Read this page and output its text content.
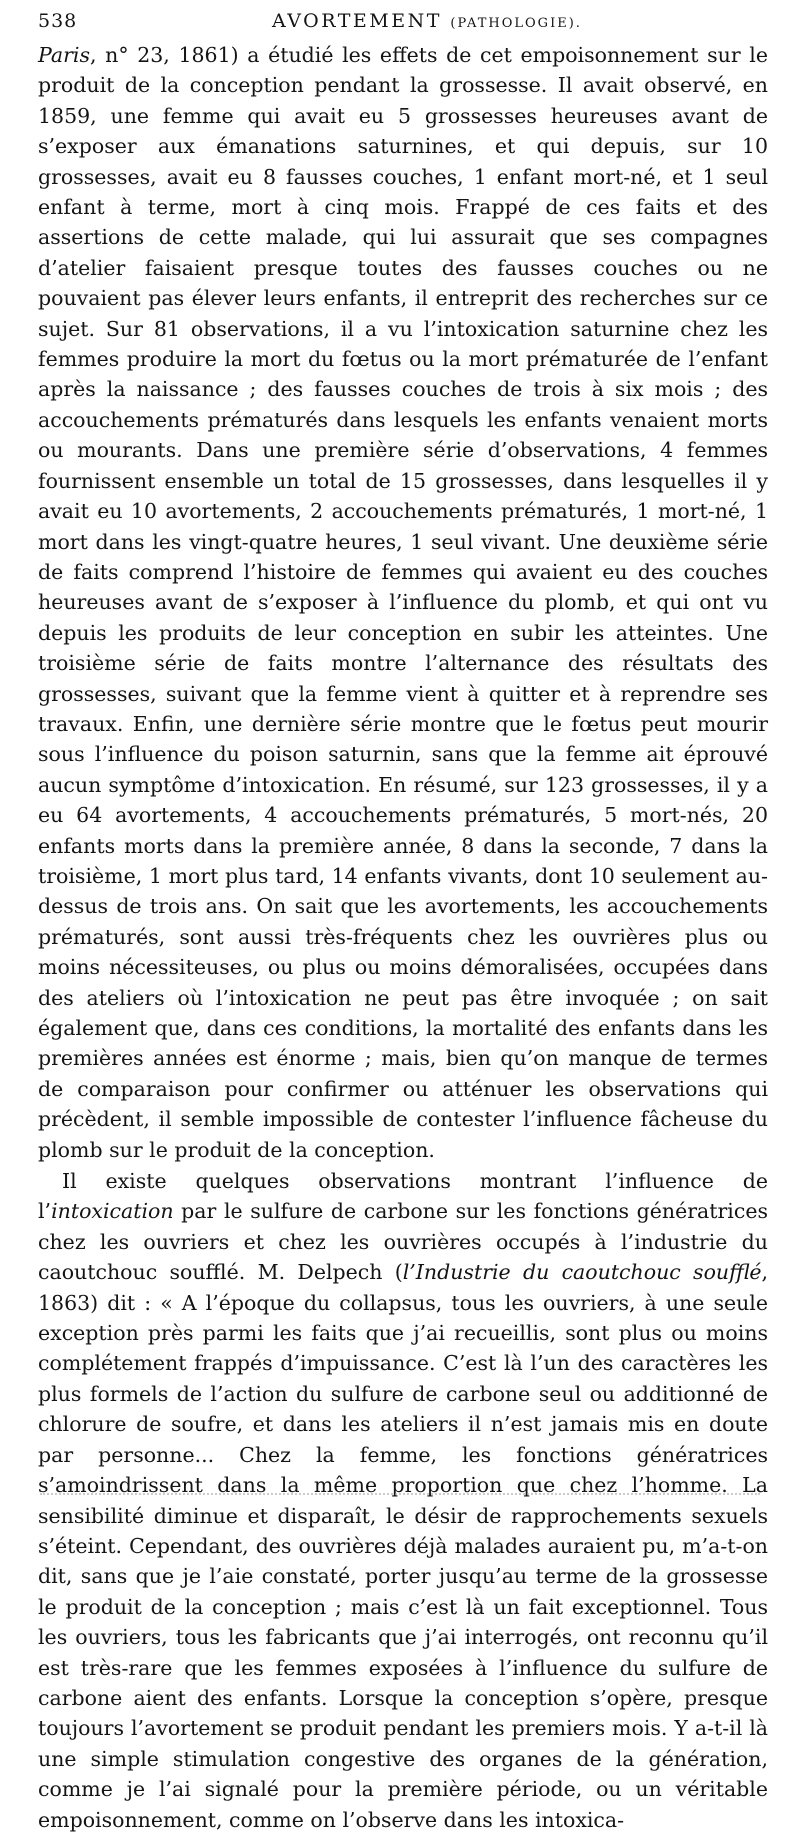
538	AVORTEMENT (PATHOLOGIE).

Paris, n° 23, 1861) a étudié les effets de cet empoisonnement sur le produit de la conception pendant la grossesse. Il avait observé, en 1859, une femme qui avait eu 5 grossesses heureuses avant de s’exposer aux émanations saturnines, et qui depuis, sur 10 grossesses, avait eu 8 fausses couches, 1 enfant mort-né, et 1 seul enfant à terme, mort à cinq mois. Frappé de ces faits et des assertions de cette malade, qui lui assurait que ses compagnes d’atelier faisaient presque toutes des fausses couches ou ne pouvaient pas élever leurs enfants, il entreprit des recherches sur ce sujet. Sur 81 observations, il a vu l’intoxication saturnine chez les femmes produire la mort du fœtus ou la mort prématurée de l’enfant après la naissance ; des fausses couches de trois à six mois ; des accouchements prématurés dans lesquels les enfants venaient morts ou mourants. Dans une première série d’observations, 4 femmes fournissent ensemble un total de 15 grossesses, dans lesquelles il y avait eu 10 avortements, 2 accouchements prématurés, 1 mort-né, 1 mort dans les vingt-quatre heures, 1 seul vivant. Une deuxième série de faits comprend l’histoire de femmes qui avaient eu des couches heureuses avant de s’exposer à l’influence du plomb, et qui ont vu depuis les produits de leur conception en subir les atteintes. Une troisième série de faits montre l’alternance des résultats des grossesses, suivant que la femme vient à quitter et à reprendre ses travaux. Enfin, une dernière série montre que le fœtus peut mourir sous l’influence du poison saturnin, sans que la femme ait éprouvé aucun symptôme d’intoxication. En résumé, sur 123 grossesses, il y a eu 64 avortements, 4 accouchements prématurés, 5 mort-nés, 20 enfants morts dans la première année, 8 dans la seconde, 7 dans la troisième, 1 mort plus tard, 14 enfants vivants, dont 10 seulement au-dessus de trois ans. On sait que les avortements, les accouchements prématurés, sont aussi très-fréquents chez les ouvrières plus ou moins nécessiteuses, ou plus ou moins démoralisées, occupées dans des ateliers où l’intoxication ne peut pas être invoquée ; on sait également que, dans ces conditions, la mortalité des enfants dans les premières années est énorme ; mais, bien qu’on manque de termes de comparaison pour confirmer ou atténuer les observations qui précèdent, il semble impossible de contester l’influence fâcheuse du plomb sur le produit de la conception.

Il existe quelques observations montrant l’influence de l’intoxication par le sulfure de carbone sur les fonctions génératrices chez les ouvriers et chez les ouvrières occupés à l’industrie du caoutchouc soufflé. M. Delpech (l’Industrie du caoutchouc soufflé, 1863) dit : « A l’époque du collapsus, tous les ouvriers, à une seule exception près parmi les faits que j’ai recueillis, sont plus ou moins complétement frappés d’impuissance. C’est là l’un des caractères les plus formels de l’action du sulfure de carbone seul ou additionné de chlorure de soufre, et dans les ateliers il n’est jamais mis en doute par personne... Chez la femme, les fonctions génératrices s’amoindrissent dans la même proportion que chez l’homme. La sensibilité diminue et disparaît, le désir de rapprochements sexuels s’éteint. Cependant, des ouvrières déjà malades auraient pu, m’a-t-on dit, sans que je l’aie constaté, porter jusqu’au terme de la grossesse le produit de la conception ; mais c’est là un fait exceptionnel. Tous les ouvriers, tous les fabricants que j’ai interrogés, ont reconnu qu’il est très-rare que les femmes exposées à l’influence du sulfure de carbone aient des enfants. Lorsque la conception s’opère, presque toujours l’avortement se produit pendant les premiers mois. Y a-t-il là une simple stimulation congestive des organes de la génération, comme je l’ai signalé pour la première période, ou un véritable empoisonnement, comme on l’observe dans les intoxica-
